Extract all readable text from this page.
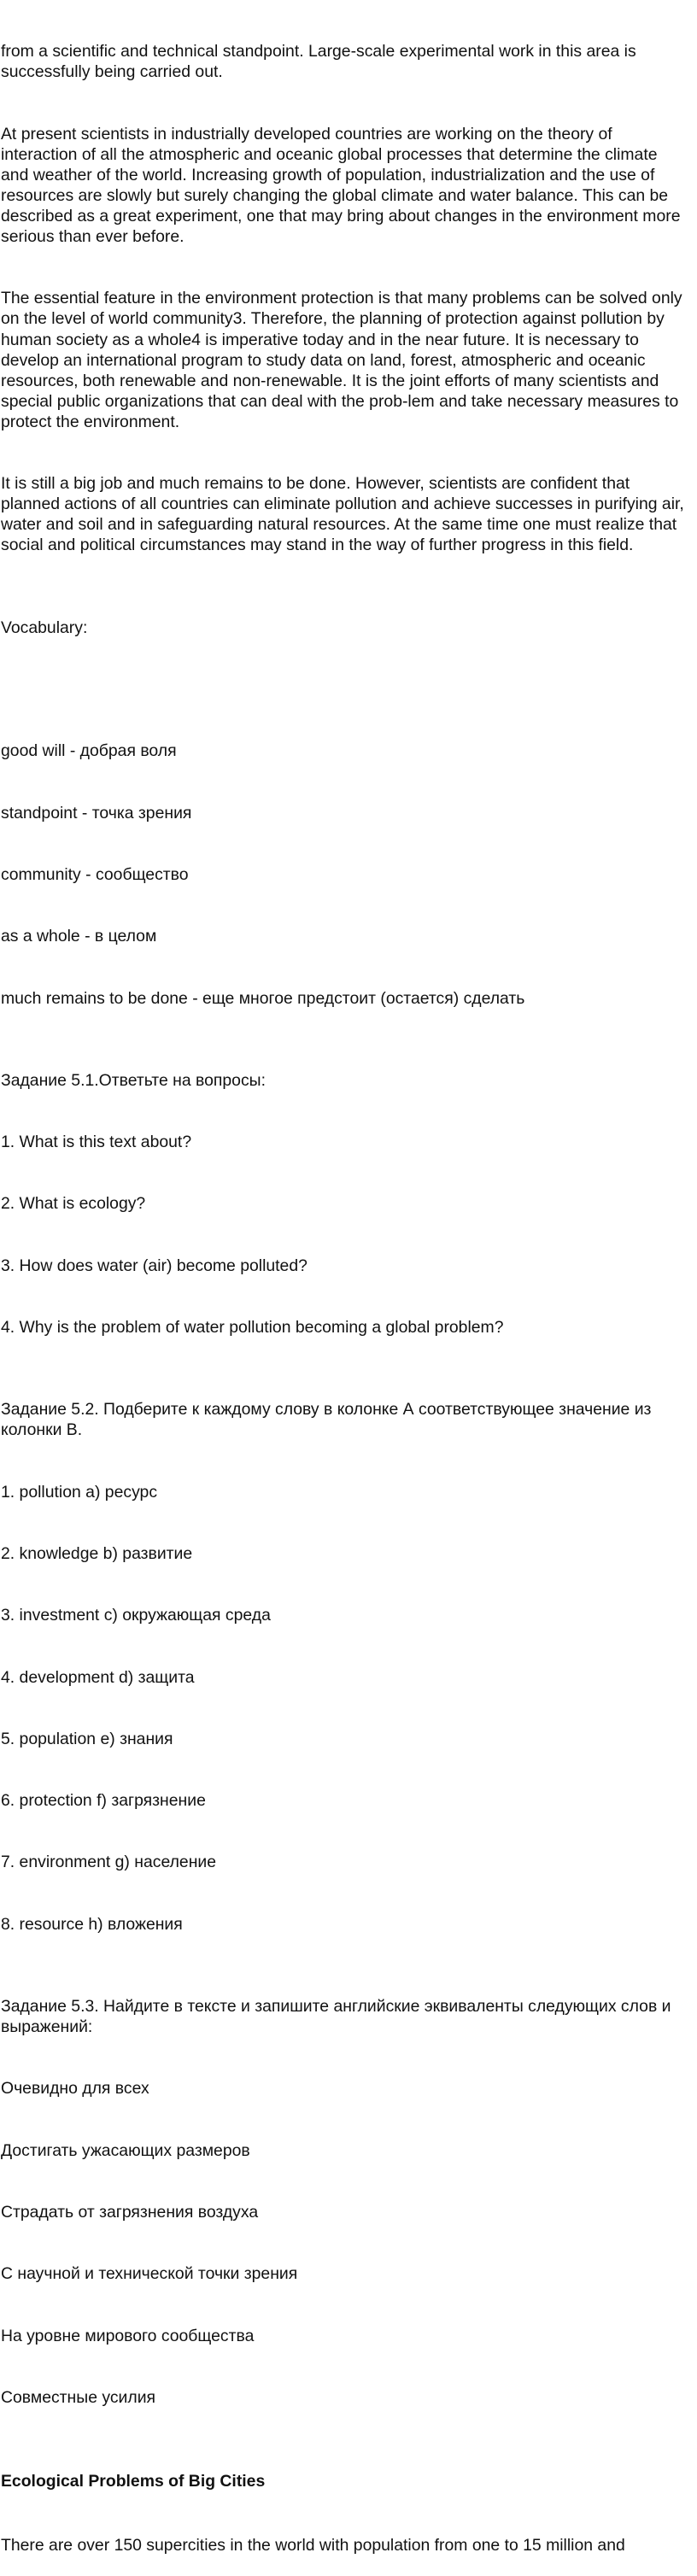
from a scientific and technical standpoint. Large-scale experimental work in this area is successfully being carried out.

At present scientists in industrially developed countries are working on the theory of interaction of all the atmospheric and oceanic global processes that determine the climate and weather of the world. Increasing growth of population, industrialization and the use of resources are slowly but surely changing the global climate and water balance. This can be described as a great experiment, one that may bring about changes in the environment more serious than ever before.

The essential feature in the environment protection is that many problems can be solved only on the level of world community3. Therefore, the planning of protection against pollution by human society as a whole4 is imperative today and in the near future. It is necessary to develop an international program to study data on land, forest, atmospheric and oceanic resources, both renewable and non-renewable. It is the joint efforts of many scientists and special public organizations that can deal with the prob-lem and take necessary measures to protect the environment.

It is still a big job and much remains to be done. However, scientists are confident that planned actions of all countries can eliminate pollution and achieve successes in purifying air, water and soil and in safeguarding natural resources. At the same time one must realize that social and political circumstances may stand in the way of further progress in this field.

Vocabulary:

good will - добрая воля

standpoint - точка зрения

community - сообщество

as a whole - в целом

much remains to be done - еще многое предстоит (остается) сделать

Задание 5.1.Ответьте на вопросы:

1. What is this text about?

2. What is ecology?

3. How does water (air) become polluted?

4. Why is the problem of water pollution becoming a global problem?

Задание 5.2. Подберите к каждому слову в колонке А соответствующее значение из колонки В.

1. pollution a) ресурс

2. knowledge b) развитие

3. investment c) окружающая среда

4. development d) защита

5. population e) знания

6. protection f) загрязнение

7. environment g) население

8. resource h) вложения

Задание 5.3. Найдите в тексте и запишите английские эквиваленты следующих слов и выражений:

Очевидно для всех

Достигать ужасающих размеров

Страдать от загрязнения воздуха

С научной и технической точки зрения

На уровне мирового сообщества

Совместные усилия

Ecological Problems of Big Cities

There are over 150 supercities in the world with population from one to 15 million and
